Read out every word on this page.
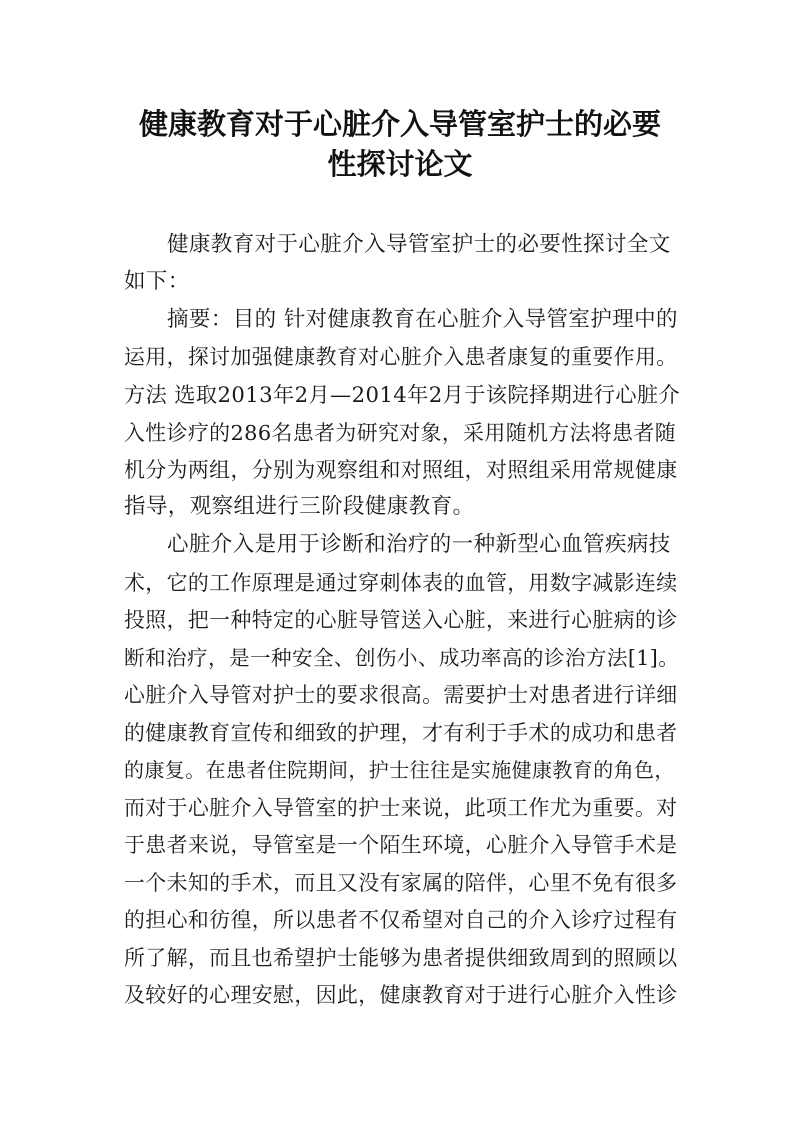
健康教育对于心脏介入导管室护士的必要
性探讨论文
健康教育对于心脏介入导管室护士的必要性探讨全文
如下：
摘要：目的 针对健康教育在心脏介入导管室护理中的
运用，探讨加强健康教育对心脏介入患者康复的重要作用。
方法 选取2013年2月—2014年2月于该院择期进行心脏介
入性诊疗的286名患者为研究对象，采用随机方法将患者随
机分为两组，分别为观察组和对照组，对照组采用常规健康
指导，观察组进行三阶段健康教育。
心脏介入是用于诊断和治疗的一种新型心血管疾病技
术，它的工作原理是通过穿刺体表的血管，用数字减影连续
投照，把一种特定的心脏导管送入心脏，来进行心脏病的诊
断和治疗，是一种安全、创伤小、成功率高的诊治方法[1]。
心脏介入导管对护士的要求很高。需要护士对患者进行详细
的健康教育宣传和细致的护理，才有利于手术的成功和患者
的康复。在患者住院期间，护士往往是实施健康教育的角色，
而对于心脏介入导管室的护士来说，此项工作尤为重要。对
于患者来说，导管室是一个陌生环境，心脏介入导管手术是
一个未知的手术，而且又没有家属的陪伴，心里不免有很多
的担心和彷徨，所以患者不仅希望对自己的介入诊疗过程有
所了解，而且也希望护士能够为患者提供细致周到的照顾以
及较好的心理安慰，因此，健康教育对于进行心脏介入性诊
